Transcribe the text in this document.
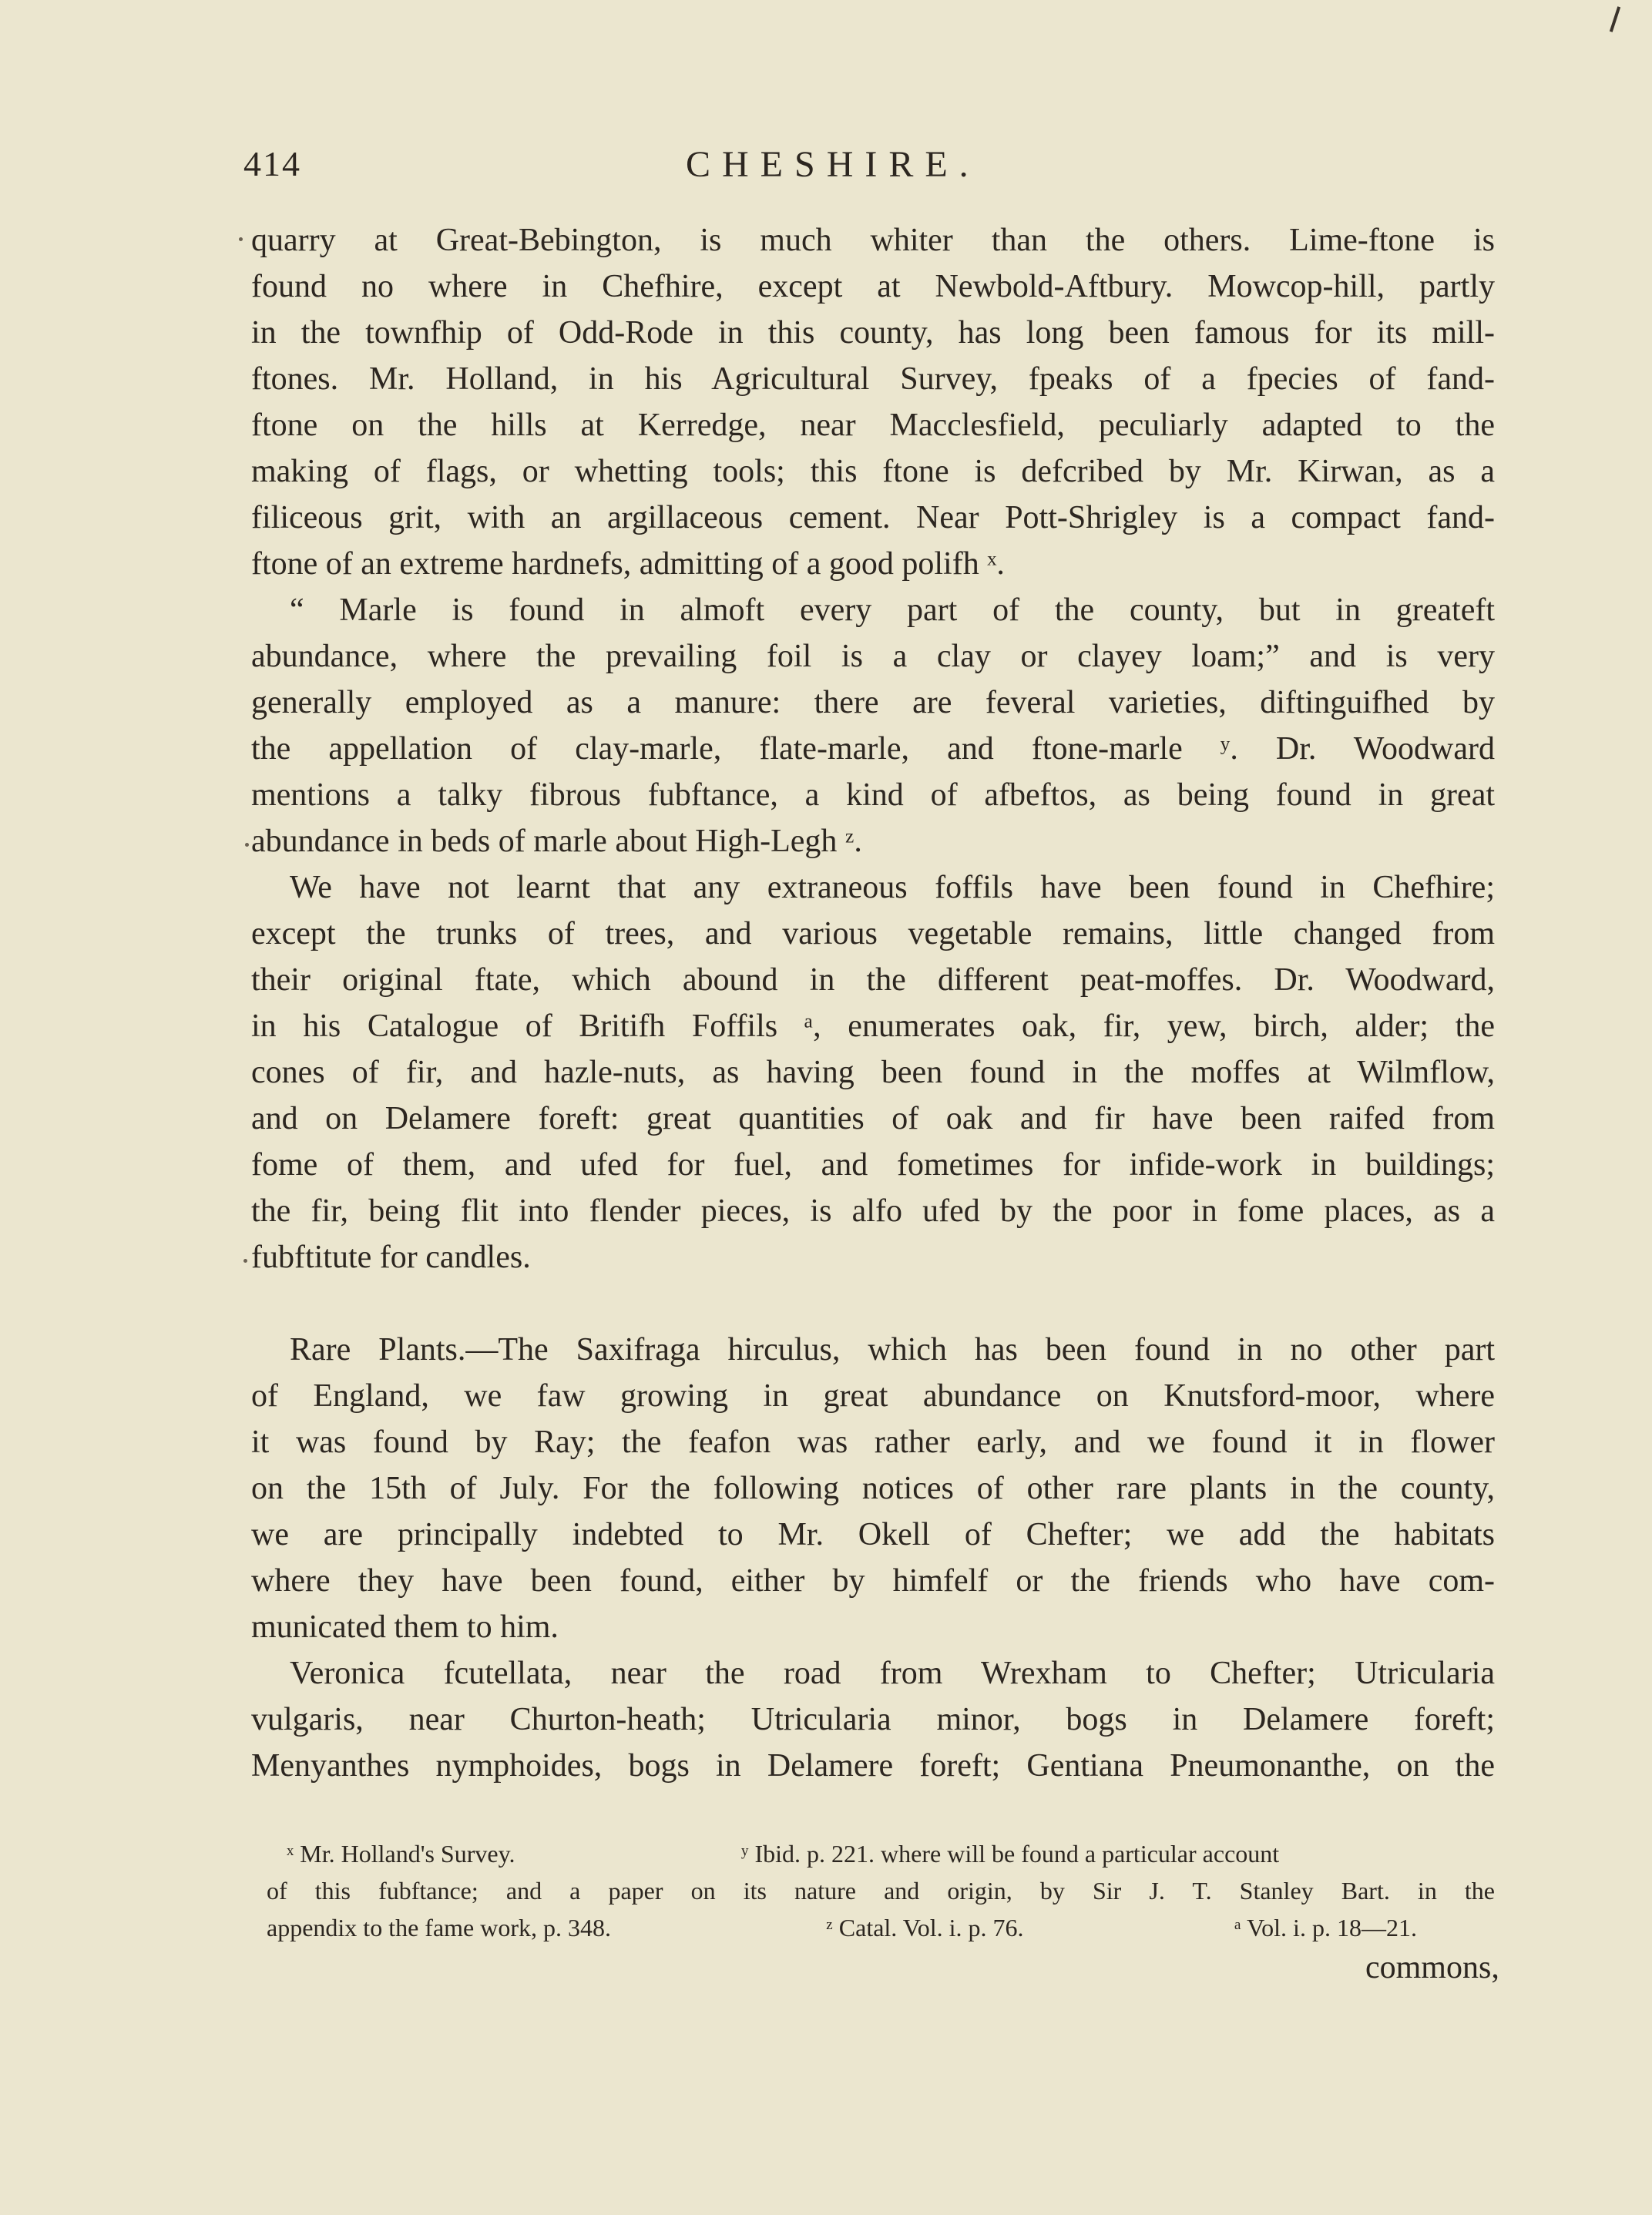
414	CHESHIRE.

quarry at Great-Bebington, is much whiter than the others. Lime-ftone is

found no where in Chefhire, except at Newbold-Aftbury. Mowcop-hill, partly

in the townfhip of Odd-Rode in this county, has long been famous for its mill-

ftones. Mr. Holland, in his Agricultural Survey, fpeaks of a fpecies of fand-

ftone on the hills at Kerredge, near Macclesfield, peculiarly adapted to the

making of flags, or whetting tools; this ftone is defcribed by Mr. Kirwan, as a

filiceous grit, with an argillaceous cement. Near Pott-Shrigley is a compact fand-

ftone of an extreme hardnefs, admitting of a good polifh ˣ.

“ Marle is found in almoft every part of the county, but in greateft

abundance, where the prevailing foil is a clay or clayey loam;” and is very

generally employed as a manure: there are feveral varieties, diftinguifhed by

the appellation of clay-marle, flate-marle, and ftone-marle ʸ. Dr. Woodward

mentions a talky fibrous fubftance, a kind of afbeftos, as being found in great

abundance in beds of marle about High-Legh ᶻ.

We have not learnt that any extraneous foffils have been found in Chefhire;

except the trunks of trees, and various vegetable remains, little changed from

their original ftate, which abound in the different peat-moffes. Dr. Woodward,

in his Catalogue of Britifh Foffils ᵃ, enumerates oak, fir, yew, birch, alder; the

cones of fir, and hazle-nuts, as having been found in the moffes at Wilmflow,

and on Delamere foreft: great quantities of oak and fir have been raifed from

fome of them, and ufed for fuel, and fometimes for infide-work in buildings;

the fir, being flit into flender pieces, is alfo ufed by the poor in fome places, as a

fubftitute for candles.

Rare Plants.—The Saxifraga hirculus, which has been found in no other part

of England, we faw growing in great abundance on Knutsford-moor, where

it was found by Ray; the feafon was rather early, and we found it in flower

on the 15th of July. For the following notices of other rare plants in the county,

we are principally indebted to Mr. Okell of Chefter; we add the habitats

where they have been found, either by himfelf or the friends who have com-

municated them to him.

Veronica fcutellata, near the road from Wrexham to Chefter; Utricularia

vulgaris, near Churton-heath; Utricularia minor, bogs in Delamere foreft;

Menyanthes nymphoides, bogs in Delamere foreft; Gentiana Pneumonanthe, on the

ˣ Mr. Holland's Survey.	ʸ Ibid. p. 221. where will be found a particular account

of this fubftance; and a paper on its nature and origin, by Sir J. T. Stanley Bart. in the

appendix to the fame work, p. 348.	ᶻ Catal. Vol. i. p. 76.	ᵃ Vol. i. p. 18—21.

commons,
